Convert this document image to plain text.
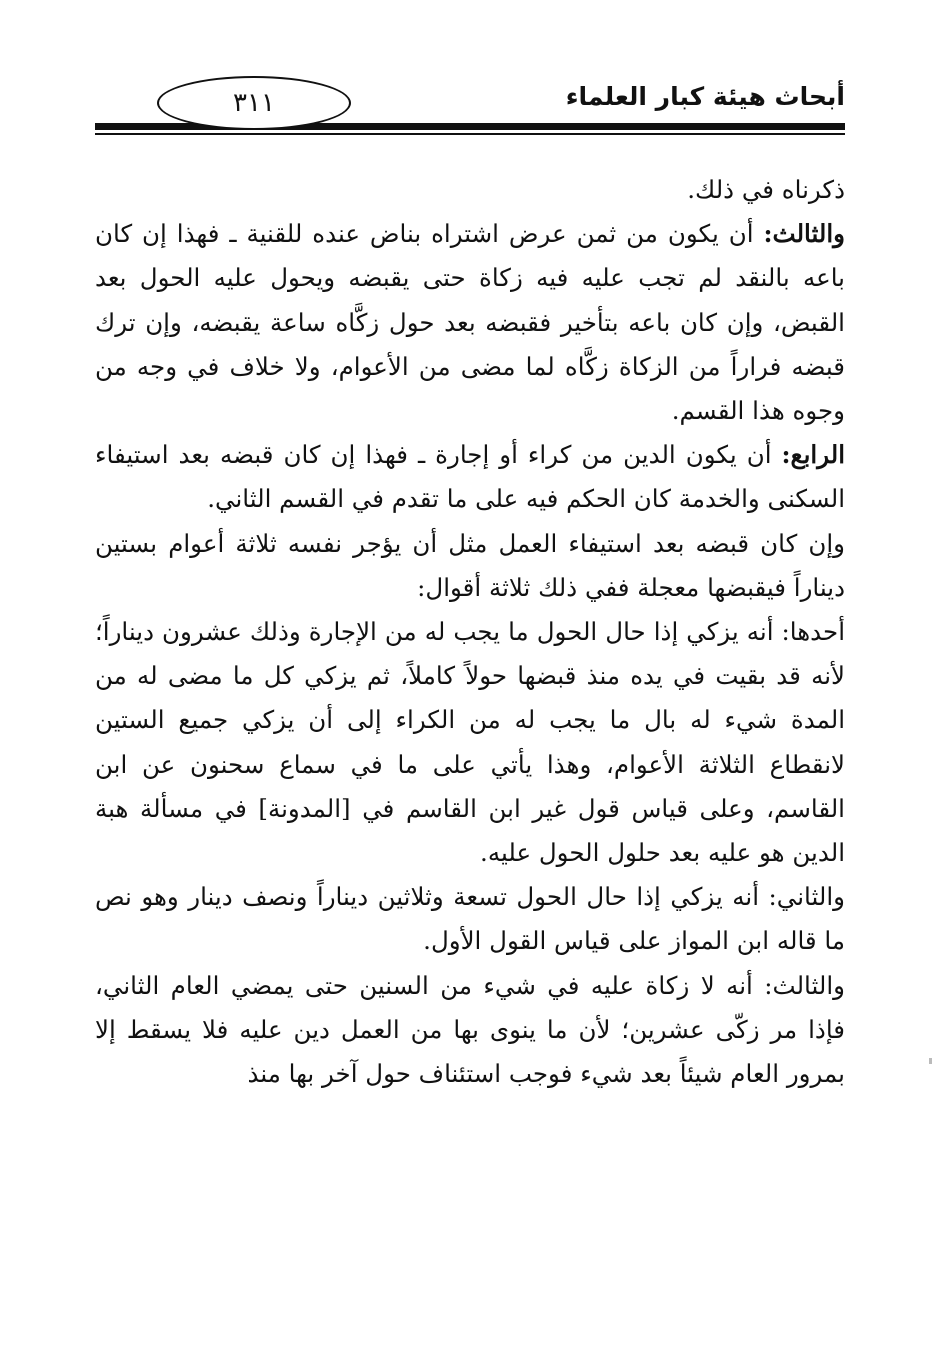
أبحاث هيئة كبار العلماء
٣١١

ذكرناه في ذلك.

والثالث: أن يكون من ثمن عرض اشتراه بناض عنده للقنية ـ فهذا إن كان باعه بالنقد لم تجب عليه فيه زكاة حتى يقبضه ويحول عليه الحول بعد القبض، وإن كان باعه بتأخير فقبضه بعد حول زكَّاه ساعة يقبضه، وإن ترك قبضه فراراً من الزكاة زكَّاه لما مضى من الأعوام، ولا خلاف في وجه من وجوه هذا القسم.

الرابع: أن يكون الدين من كراء أو إجارة ـ فهذا إن كان قبضه بعد استيفاء السكنى والخدمة كان الحكم فيه على ما تقدم في القسم الثاني.

وإن كان قبضه بعد استيفاء العمل مثل أن يؤجر نفسه ثلاثة أعوام بستين ديناراً فيقبضها معجلة ففي ذلك ثلاثة أقوال:

أحدها: أنه يزكي إذا حال الحول ما يجب له من الإجارة وذلك عشرون ديناراً؛ لأنه قد بقيت في يده منذ قبضها حولاً كاملاً، ثم يزكي كل ما مضى له من المدة شيء له بال ما يجب له من الكراء إلى أن يزكي جميع الستين لانقطاع الثلاثة الأعوام، وهذا يأتي على ما في سماع سحنون عن ابن القاسم، وعلى قياس قول غير ابن القاسم في [المدونة] في مسألة هبة الدين هو عليه بعد حلول الحول عليه.

والثاني: أنه يزكي إذا حال الحول تسعة وثلاثين ديناراً ونصف دينار وهو نص ما قاله ابن المواز على قياس القول الأول.

والثالث: أنه لا زكاة عليه في شيء من السنين حتى يمضي العام الثاني، فإذا مر زكّى عشرين؛ لأن ما ينوى بها من العمل دين عليه فلا يسقط إلا بمرور العام شيئاً بعد شيء فوجب استئناف حول آخر بها منذ
